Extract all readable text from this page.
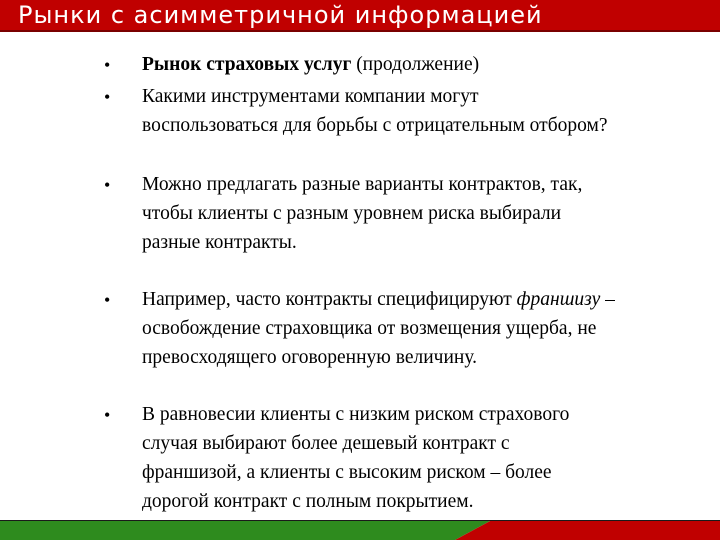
Рынки с асимметричной информацией
• Рынок страховых услуг (продолжение)
• Какими инструментами компании могут
воспользоваться для борьбы с отрицательным отбором?
• Можно предлагать разные варианты контрактов, так,
чтобы клиенты с разным уровнем риска выбирали
разные контракты.
• Например, часто контракты специфицируют франшизу –
освобождение страховщика от возмещения ущерба, не
превосходящего оговоренную величину.
• В равновесии клиенты с низким риском страхового
случая выбирают более дешевый контракт с
франшизой, а клиенты с высоким риском – более
дорогой контракт с полным покрытием.
